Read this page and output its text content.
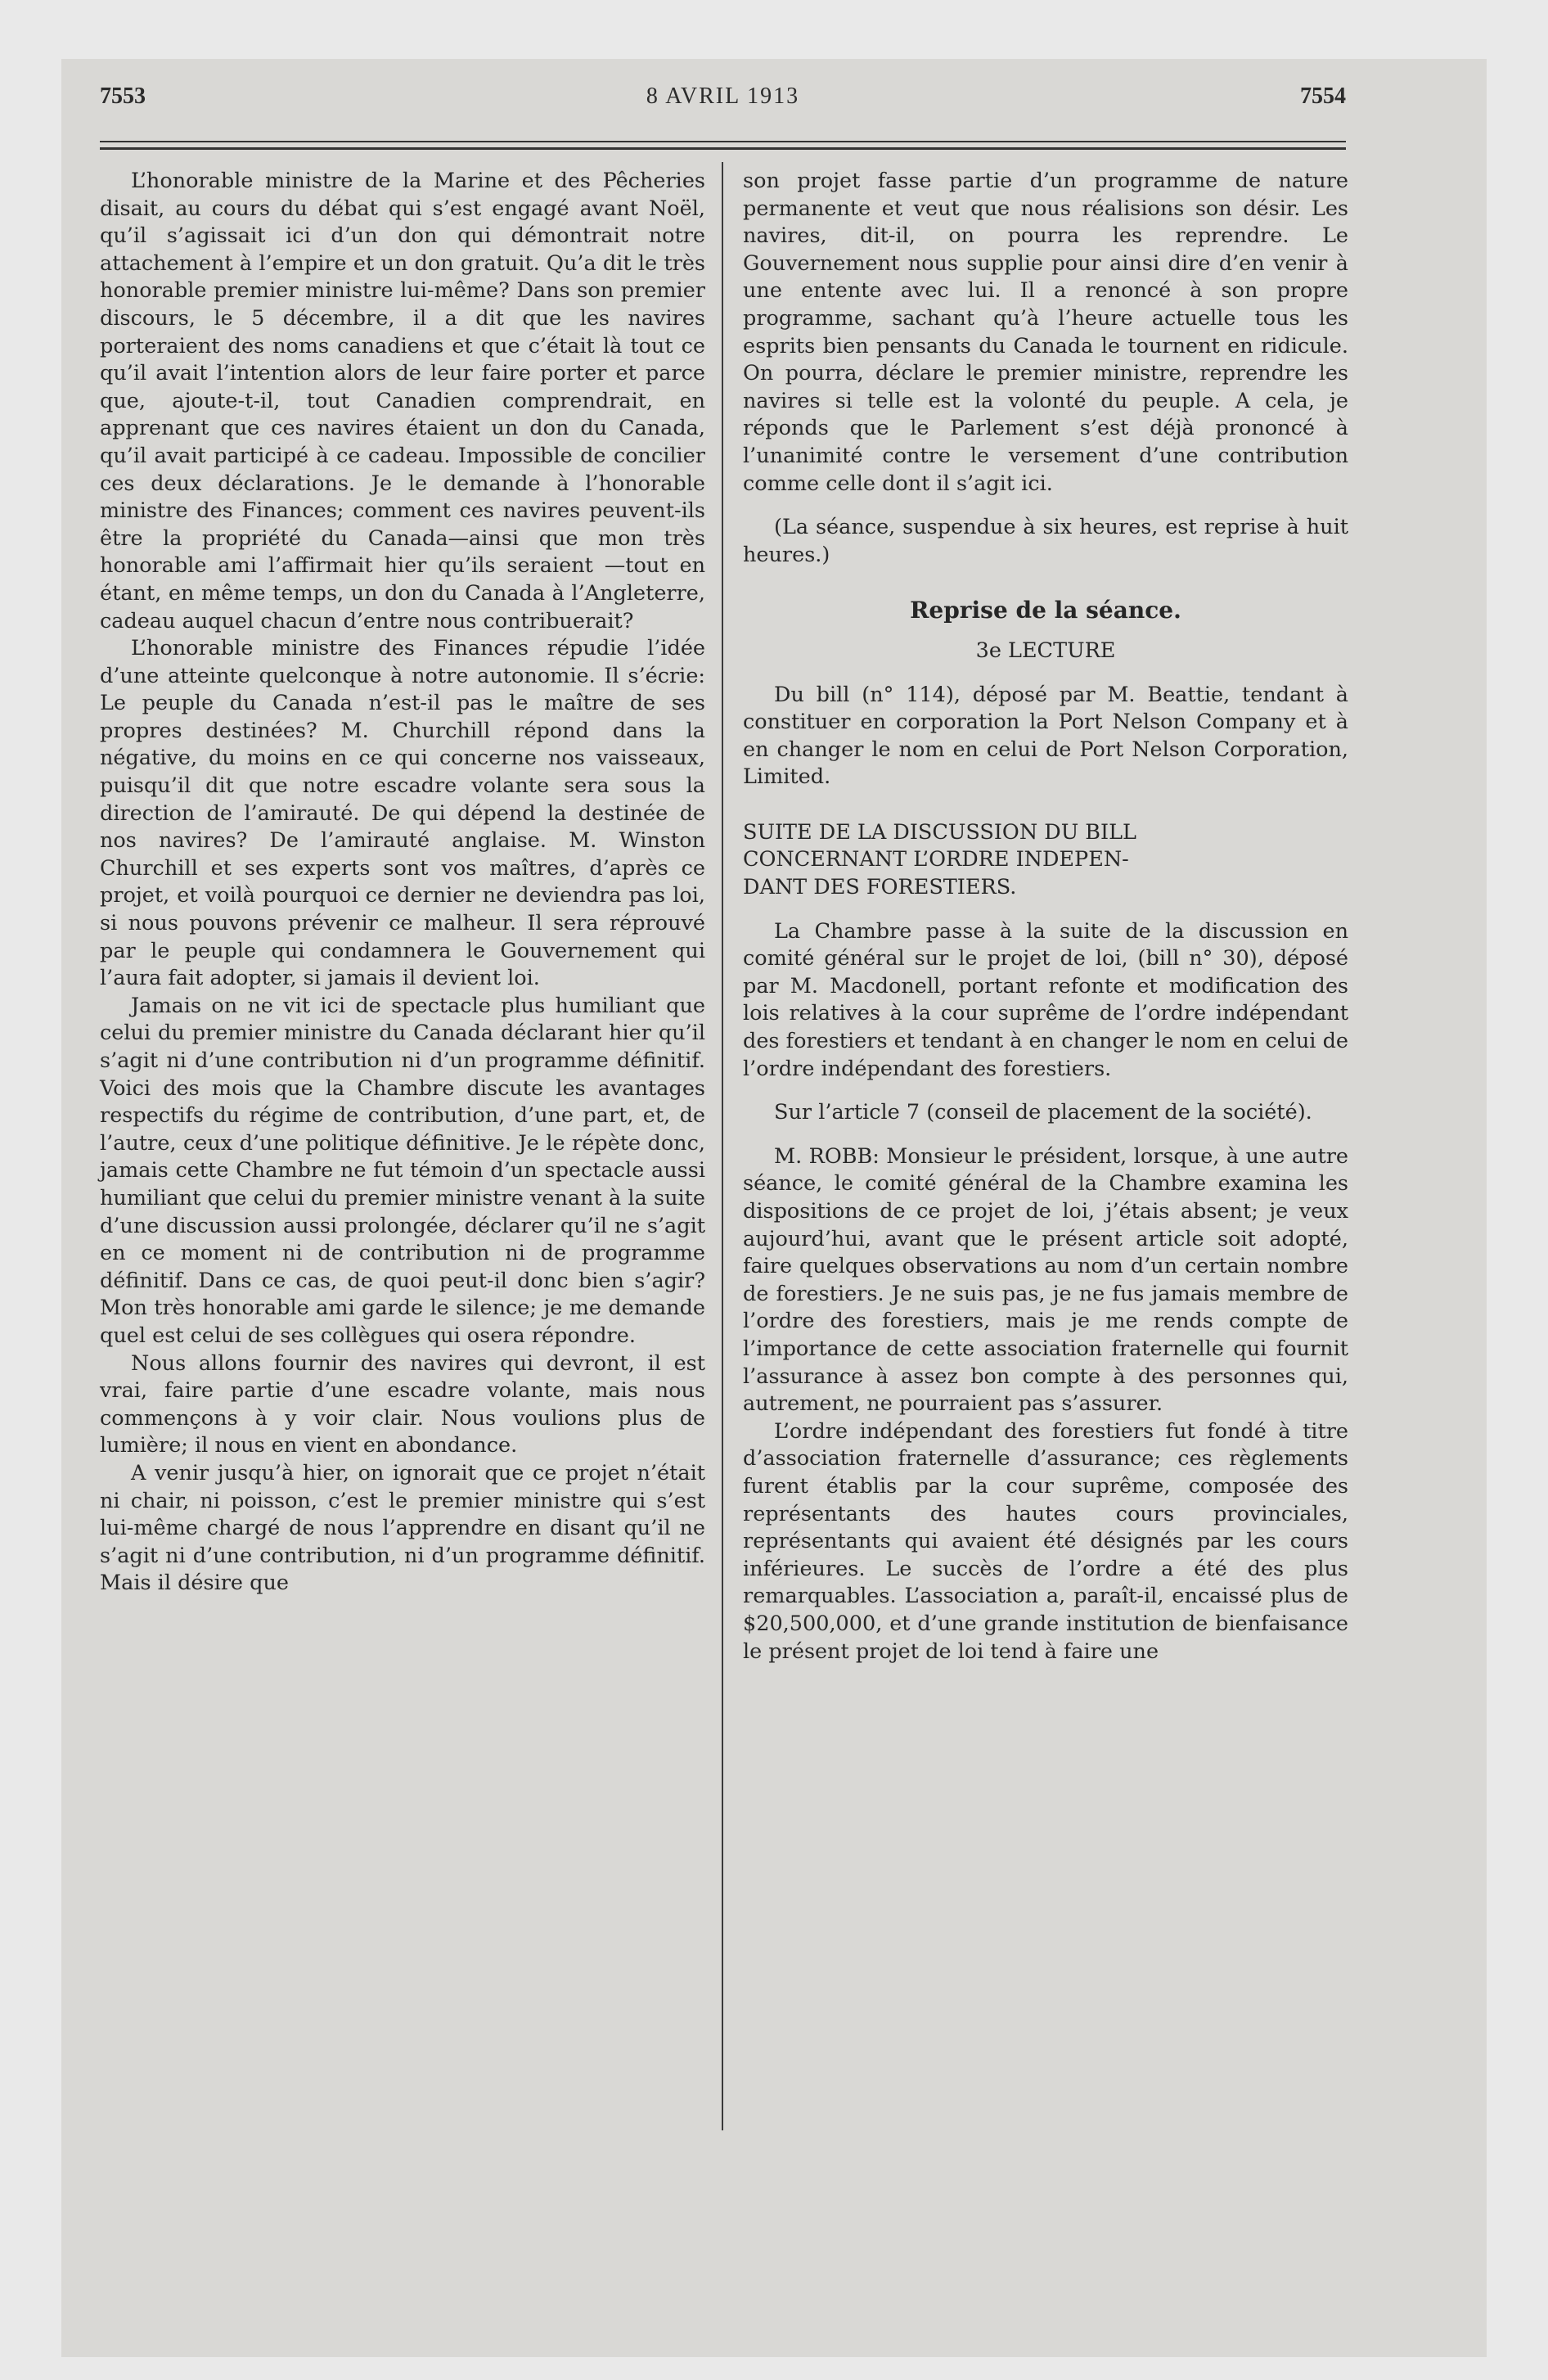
7553	8 AVRIL 1913	7554

L’honorable ministre de la Marine et des Pêcheries disait, au cours du débat qui s’est engagé avant Noël, qu’il s’agissait ici d’un don qui démontrait notre attachement à l’empire et un don gratuit. Qu’a dit le très honorable premier ministre lui-même? Dans son premier discours, le 5 décembre, il a dit que les navires porteraient des noms canadiens et que c’était là tout ce qu’il avait l’intention alors de leur faire porter et parce que, ajoute-t-il, tout Canadien comprendrait, en apprenant que ces navires étaient un don du Canada, qu’il avait participé à ce cadeau. Impossible de concilier ces deux déclarations. Je le demande à l’honorable ministre des Finances; comment ces navires peuvent-ils être la propriété du Canada—ainsi que mon très honorable ami l’affirmait hier qu’ils seraient —tout en étant, en même temps, un don du Canada à l’Angleterre, cadeau auquel chacun d’entre nous contribuerait?

L’honorable ministre des Finances répudie l’idée d’une atteinte quelconque à notre autonomie. Il s’écrie: Le peuple du Canada n’est-il pas le maître de ses propres destinées? M. Churchill répond dans la négative, du moins en ce qui concerne nos vaisseaux, puisqu’il dit que notre escadre volante sera sous la direction de l’amirauté. De qui dépend la destinée de nos navires? De l’amirauté anglaise. M. Winston Churchill et ses experts sont vos maîtres, d’après ce projet, et voilà pourquoi ce dernier ne deviendra pas loi, si nous pouvons prévenir ce malheur. Il sera réprouvé par le peuple qui condamnera le Gouvernement qui l’aura fait adopter, si jamais il devient loi.

Jamais on ne vit ici de spectacle plus humiliant que celui du premier ministre du Canada déclarant hier qu’il s’agit ni d’une contribution ni d’un programme définitif. Voici des mois que la Chambre discute les avantages respectifs du régime de contribution, d’une part, et, de l’autre, ceux d’une politique définitive. Je le répète donc, jamais cette Chambre ne fut témoin d’un spectacle aussi humiliant que celui du premier ministre venant à la suite d’une discussion aussi prolongée, déclarer qu’il ne s’agit en ce moment ni de contribution ni de programme définitif. Dans ce cas, de quoi peut-il donc bien s’agir? Mon très honorable ami garde le silence; je me demande quel est celui de ses collègues qui osera répondre.

Nous allons fournir des navires qui devront, il est vrai, faire partie d’une escadre volante, mais nous commençons à y voir clair. Nous voulions plus de lumière; il nous en vient en abondance.

A venir jusqu’à hier, on ignorait que ce projet n’était ni chair, ni poisson, c’est le premier ministre qui s’est lui-même chargé de nous l’apprendre en disant qu’il ne s’agit ni d’une contribution, ni d’un programme définitif. Mais il désire que

son projet fasse partie d’un programme de nature permanente et veut que nous réalisions son désir. Les navires, dit-il, on pourra les reprendre. Le Gouvernement nous supplie pour ainsi dire d’en venir à une entente avec lui. Il a renoncé à son propre programme, sachant qu’à l’heure actuelle tous les esprits bien pensants du Canada le tournent en ridicule. On pourra, déclare le premier ministre, reprendre les navires si telle est la volonté du peuple. A cela, je réponds que le Parlement s’est déjà prononcé à l’unanimité contre le versement d’une contribution comme celle dont il s’agit ici.

(La séance, suspendue à six heures, est reprise à huit heures.)

Reprise de la séance.

3e LECTURE

Du bill (n° 114), déposé par M. Beattie, tendant à constituer en corporation la Port Nelson Company et à en changer le nom en celui de Port Nelson Corporation, Limited.

SUITE DE LA DISCUSSION DU BILL

CONCERNANT L’ORDRE INDEPEN-

DANT DES FORESTIERS.

La Chambre passe à la suite de la discussion en comité général sur le projet de loi, (bill n° 30), déposé par M. Macdonell, portant refonte et modification des lois relatives à la cour suprême de l’ordre indépendant des forestiers et tendant à en changer le nom en celui de l’ordre indépendant des forestiers.

Sur l’article 7 (conseil de placement de la société).

M. ROBB: Monsieur le président, lorsque, à une autre séance, le comité général de la Chambre examina les dispositions de ce projet de loi, j’étais absent; je veux aujourd’hui, avant que le présent article soit adopté, faire quelques observations au nom d’un certain nombre de forestiers. Je ne suis pas, je ne fus jamais membre de l’ordre des forestiers, mais je me rends compte de l’importance de cette association fraternelle qui fournit l’assurance à assez bon compte à des personnes qui, autrement, ne pourraient pas s’assurer.

L’ordre indépendant des forestiers fut fondé à titre d’association fraternelle d’assurance; ces règlements furent établis par la cour suprême, composée des représentants des hautes cours provinciales, représentants qui avaient été désignés par les cours inférieures. Le succès de l’ordre a été des plus remarquables. L’association a, paraît-il, encaissé plus de $20,500,000, et d’une grande institution de bienfaisance le présent projet de loi tend à faire une
